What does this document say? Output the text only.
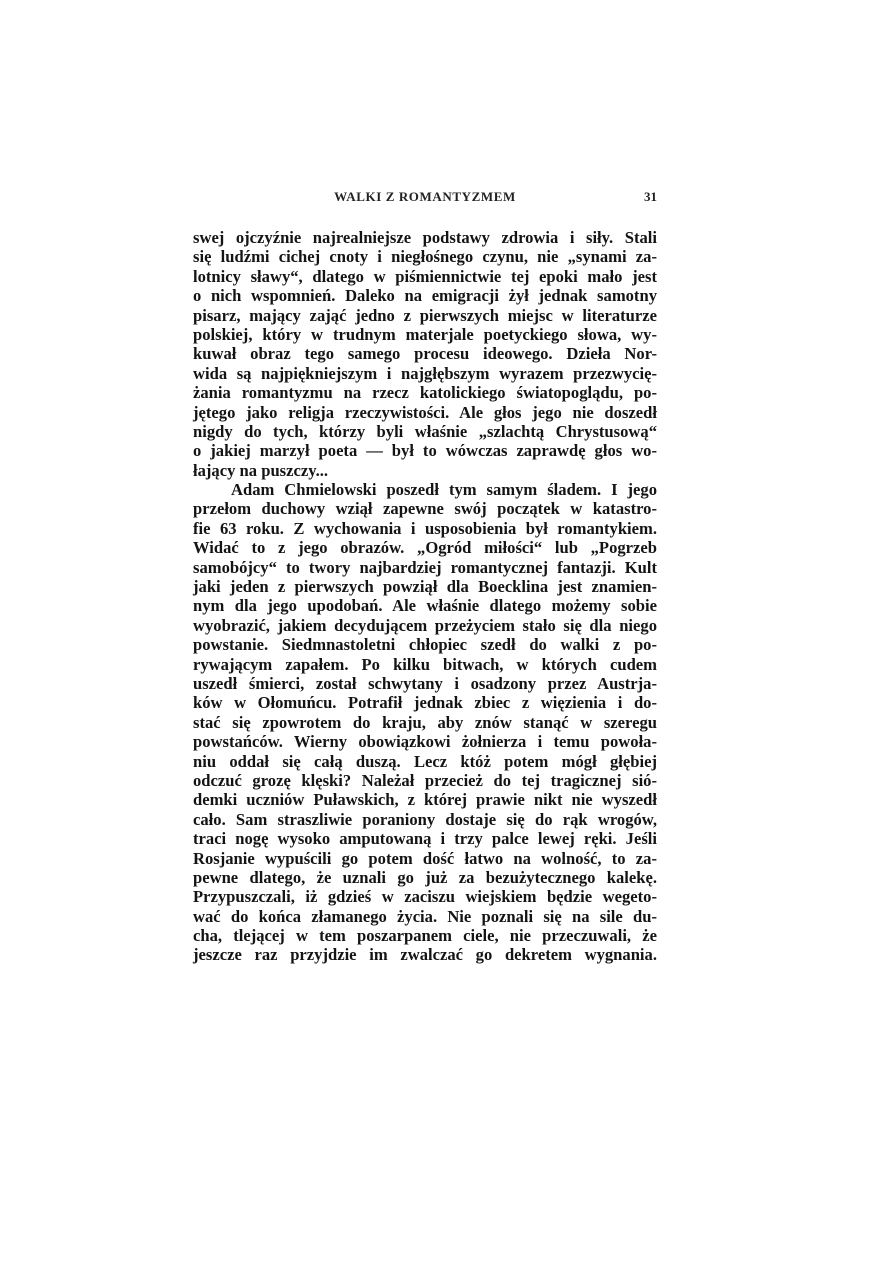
WALKI Z ROMANTYZMEM	31
swej ojczyźnie najrealniejsze podstawy zdrowia i siły. Stali
się ludźmi cichej cnoty i niegłośnego czynu, nie „synami za-
lotnicy sławy“, dlatego w piśmiennictwie tej epoki mało jest
o nich wspomnień. Daleko na emigracji żył jednak samotny
pisarz, mający zająć jedno z pierwszych miejsc w literaturze
polskiej, który w trudnym materjale poetyckiego słowa, wy-
kuwał obraz tego samego procesu ideowego. Dzieła Nor-
wida są najpiękniejszym i najgłębszym wyrazem przezwycię-
żania romantyzmu na rzecz katolickiego światopoglądu, po-
jętego jako religja rzeczywistości. Ale głos jego nie doszedł
nigdy do tych, którzy byli właśnie „szlachtą Chrystusową“
o jakiej marzył poeta — był to wówczas zaprawdę głos wo-
łający na puszczy...
Adam Chmielowski poszedł tym samym śladem. I jego
przełom duchowy wziął zapewne swój początek w katastro-
fie 63 roku. Z wychowania i usposobienia był romantykiem.
Widać to z jego obrazów. „Ogród miłości“ lub „Pogrzeb
samobójcy“ to twory najbardziej romantycznej fantazji. Kult
jaki jeden z pierwszych powziął dla Boecklina jest znamien-
nym dla jego upodobań. Ale właśnie dlatego możemy sobie
wyobrazić, jakiem decydującem przeżyciem stało się dla niego
powstanie. Siedmnastoletni chłopiec szedł do walki z po-
rywającym zapałem. Po kilku bitwach, w których cudem
uszedł śmierci, został schwytany i osadzony przez Austrja-
ków w Ołomuńcu. Potrafił jednak zbiec z więzienia i do-
stać się zpowrotem do kraju, aby znów stanąć w szeregu
powstańców. Wierny obowiązkowi żołnierza i temu powoła-
niu oddał się całą duszą. Lecz któż potem mógł głębiej
odczuć grozę klęski? Należał przecież do tej tragicznej sió-
demki uczniów Puławskich, z której prawie nikt nie wyszedł
cało. Sam straszliwie poraniony dostaje się do rąk wrogów,
traci nogę wysoko amputowaną i trzy palce lewej ręki. Jeśli
Rosjanie wypuścili go potem dość łatwo na wolność, to za-
pewne dlatego, że uznali go już za bezużytecznego kalekę.
Przypuszczali, iż gdzieś w zaciszu wiejskiem będzie wegeto-
wać do końca złamanego życia. Nie poznali się na sile du-
cha, tlejącej w tem poszarpanem ciele, nie przeczuwali, że
jeszcze raz przyjdzie im zwalczać go dekretem wygnania.
